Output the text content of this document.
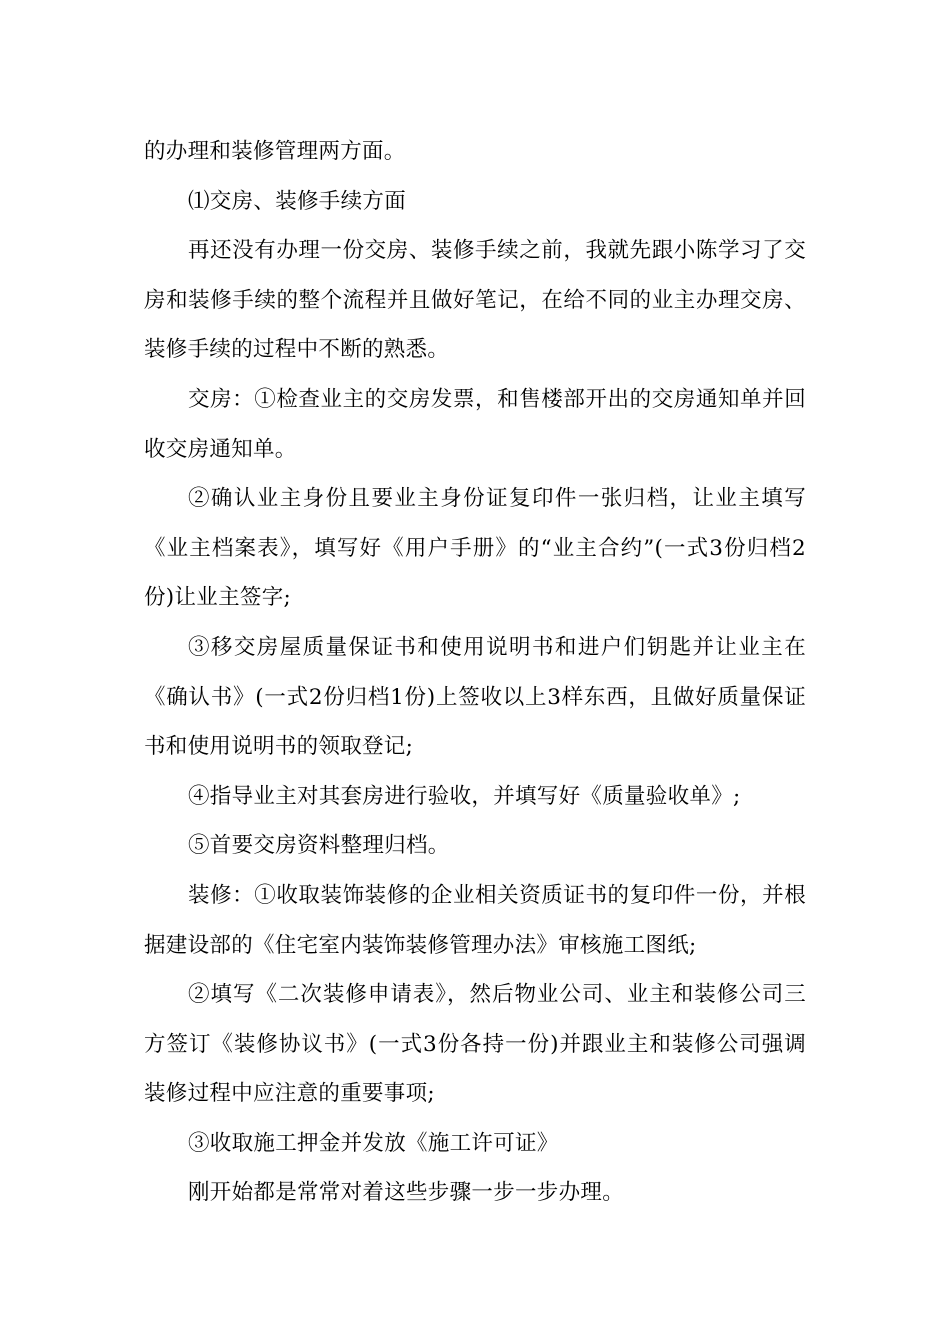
的办理和装修管理两方面。

⑴交房、装修手续方面

再还没有办理一份交房、装修手续之前，我就先跟小陈学习了交房和装修手续的整个流程并且做好笔记，在给不同的业主办理交房、装修手续的过程中不断的熟悉。

交房：①检查业主的交房发票，和售楼部开出的交房通知单并回收交房通知单。

②确认业主身份且要业主身份证复印件一张归档，让业主填写《业主档案表》，填写好《用户手册》的“业主合约”(一式3份归档2份)让业主签字;

③移交房屋质量保证书和使用说明书和进户们钥匙并让业主在《确认书》(一式2份归档1份)上签收以上3样东西，且做好质量保证书和使用说明书的领取登记;

④指导业主对其套房进行验收，并填写好《质量验收单》;

⑤首要交房资料整理归档。

装修：①收取装饰装修的企业相关资质证书的复印件一份，并根据建设部的《住宅室内装饰装修管理办法》审核施工图纸;

②填写《二次装修申请表》，然后物业公司、业主和装修公司三方签订《装修协议书》(一式3份各持一份)并跟业主和装修公司强调装修过程中应注意的重要事项;

③收取施工押金并发放《施工许可证》

刚开始都是常常对着这些步骤一步一步办理。
